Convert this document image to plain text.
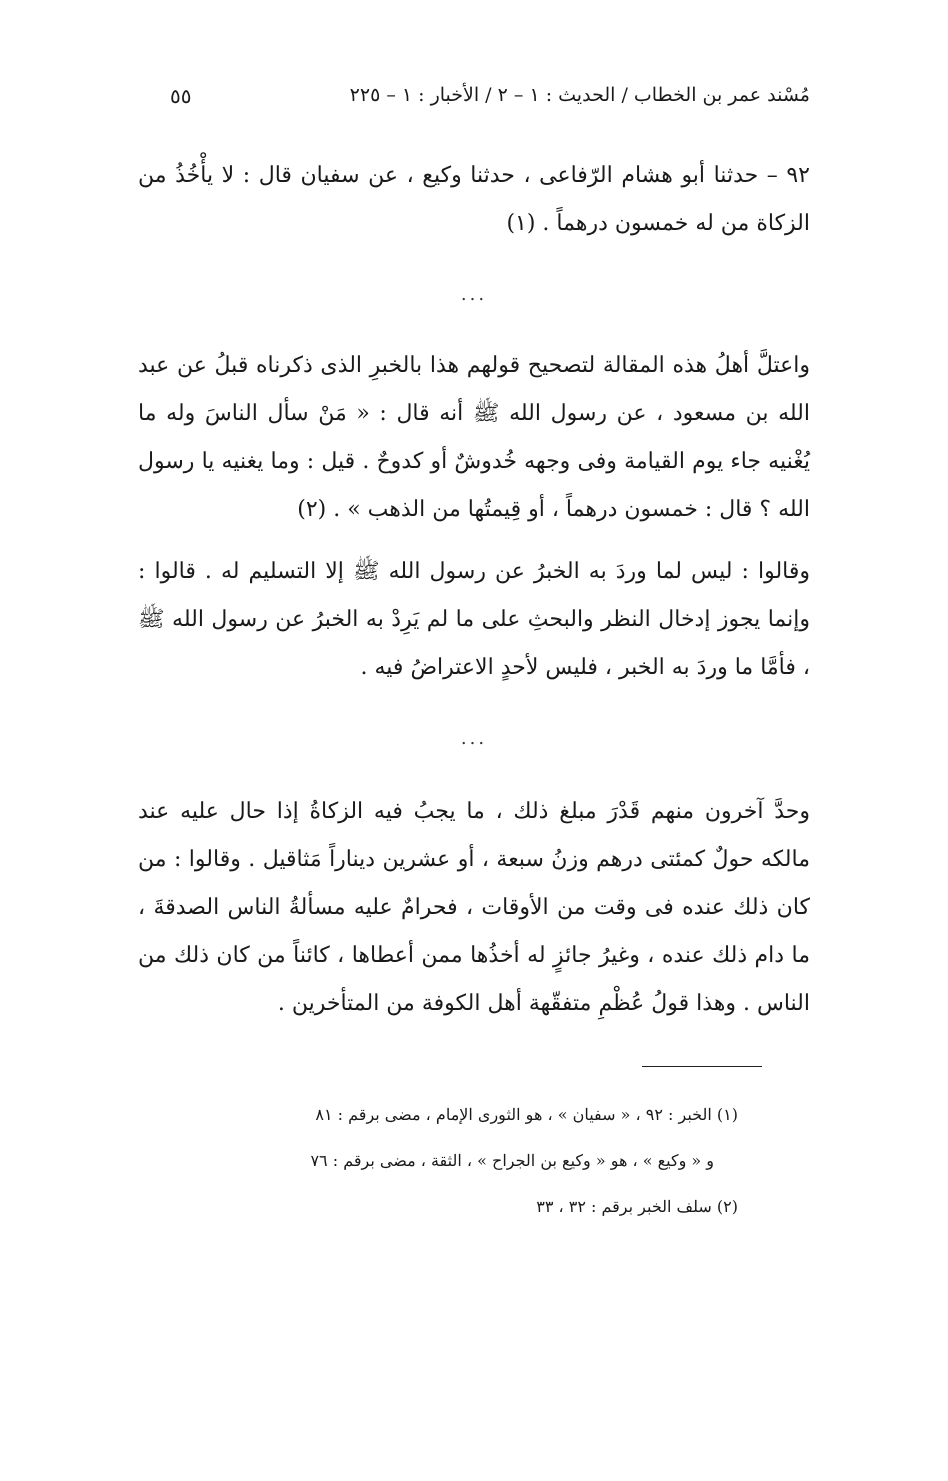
٥٥	مُسْند عمر بن الخطاب / الحديث : ١ – ٢ / الأخبار : ١ – ٢٢٥
٩٢ – حدثنا أبو هشام الرّفاعى ، حدثنا وكيع ، عن سفيان قال : لا يأْخُذُ من الزكاة من له خمسون درهماً . (١)
...
واعتلَّ أهلُ هذه المقالة لتصحيح قولهم هذا بالخبرِ الذى ذكرناه قبلُ عن عبد الله بن مسعود ، عن رسول الله ﷺ أنه قال : « مَنْ سأل الناسَ وله ما يُغْنيه جاء يوم القيامة وفى وجهه خُدوشٌ أو كدوحٌ . قيل : وما يغنيه يا رسول الله ؟ قال : خمسون درهماً ، أو قِيمتُها من الذهب » . (٢)
وقالوا : ليس لما وردَ به الخبرُ عن رسول الله ﷺ إلا التسليم له . قالوا : وإنما يجوز إدخال النظر والبحثِ على ما لم يَرِدْ به الخبرُ عن رسول الله ﷺ ، فأمَّا ما وردَ به الخبر ، فليس لأحدٍ الاعتراضُ فيه .
...
وحدَّ آخرون منهم قَدْرَ مبلغ ذلك ، ما يجبُ فيه الزكاةُ إذا حال عليه عند مالكه حولٌ كمئتى درهم وزنُ سبعة ، أو عشرين ديناراً مَثاقيل . وقالوا : من كان ذلك عنده فى وقت من الأوقات ، فحرامٌ عليه مسألةُ الناس الصدقةَ ، ما دام ذلك عنده ، وغيرُ جائزٍ له أخذُها ممن أعطاها ، كائناً من كان ذلك من الناس . وهذا قولُ عُظْمِ متفقّهة أهل الكوفة من المتأخرين .
(١) الخبر : ٩٢ ، « سفيان » ، هو الثورى الإمام ، مضى برقم : ٨١
و « وكيع » ، هو « وكيع بن الجراح » ، الثقة ، مضى برقم : ٧٦
(٢) سلف الخبر برقم : ٣٢ ، ٣٣
